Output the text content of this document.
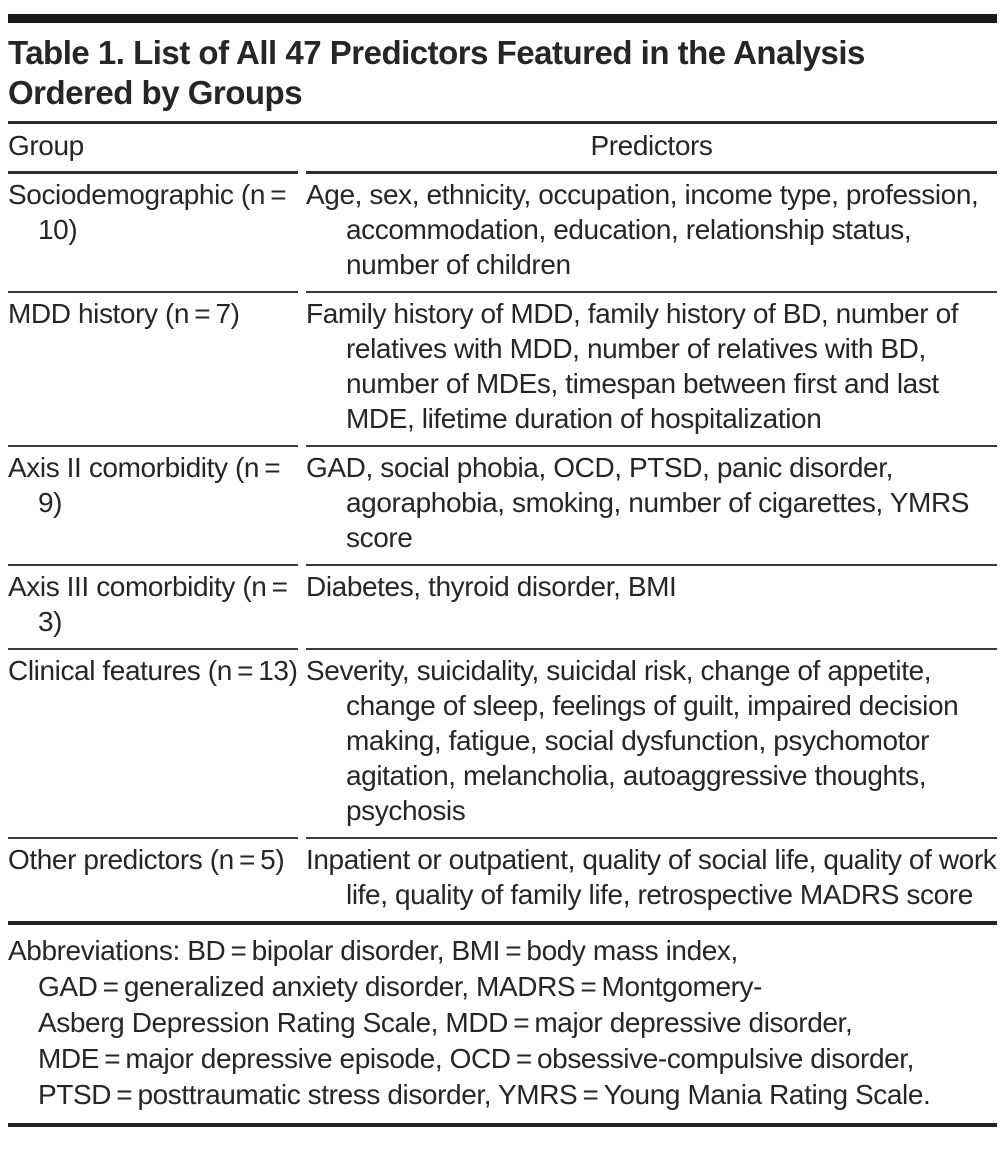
Table 1. List of All 47 Predictors Featured in the Analysis Ordered by Groups
Group	Predictors
Sociodemographic (n = 10)	Age, sex, ethnicity, occupation, income type, profession, accommodation, education, relationship status, number of children
MDD history (n = 7)	Family history of MDD, family history of BD, number of relatives with MDD, number of relatives with BD, number of MDEs, timespan between first and last MDE, lifetime duration of hospitalization
Axis II comorbidity (n = 9)	GAD, social phobia, OCD, PTSD, panic disorder, agoraphobia, smoking, number of cigarettes, YMRS score
Axis III comorbidity (n = 3)	Diabetes, thyroid disorder, BMI
Clinical features (n = 13)	Severity, suicidality, suicidal risk, change of appetite, change of sleep, feelings of guilt, impaired decision making, fatigue, social dysfunction, psychomotor agitation, melancholia, autoaggressive thoughts, psychosis
Other predictors (n = 5)	Inpatient or outpatient, quality of social life, quality of work life, quality of family life, retrospective MADRS score
Abbreviations: BD = bipolar disorder, BMI = body mass index,
GAD = generalized anxiety disorder, MADRS = Montgomery-
Asberg Depression Rating Scale, MDD = major depressive disorder,
MDE = major depressive episode, OCD = obsessive-compulsive disorder,
PTSD = posttraumatic stress disorder, YMRS = Young Mania Rating Scale.
